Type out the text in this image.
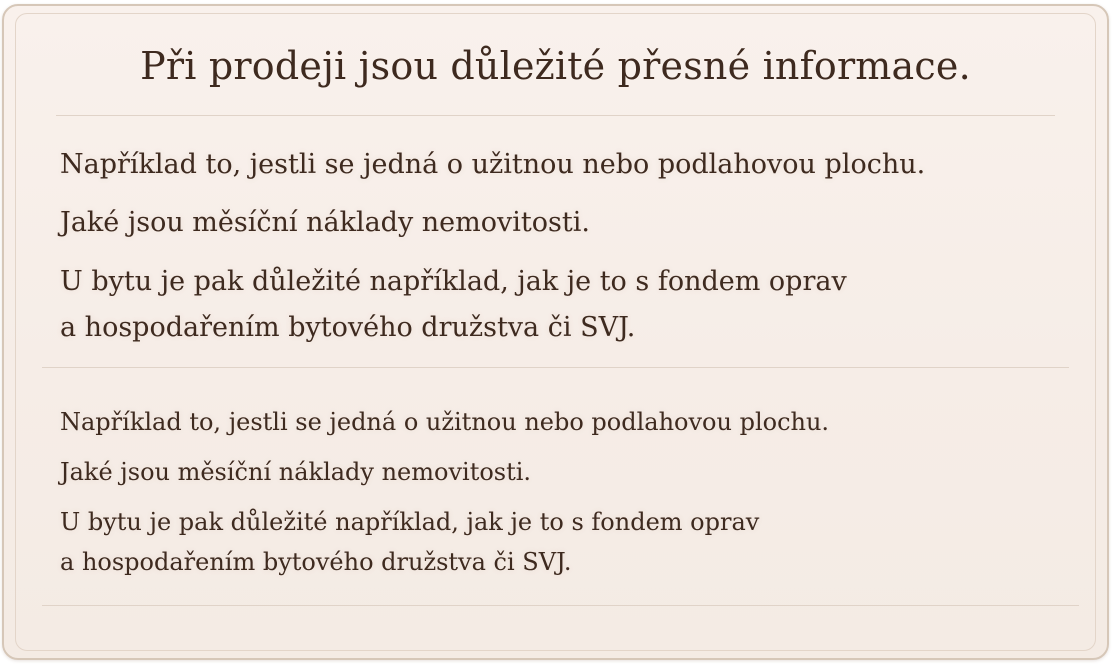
Při prodeji jsou důležité přesné informace.

Například to, jestli se jedná o užitnou nebo podlahovou plochu.

Jaké jsou měsíční náklady nemovitosti.

U bytu je pak důležité například, jak je to s fondem oprav

a hospodařením bytového družstva či SVJ.

Například to, jestli se jedná o užitnou nebo podlahovou plochu.

Jaké jsou měsíční náklady nemovitosti.

U bytu je pak důležité například, jak je to s fondem oprav

a hospodařením bytového družstva či SVJ.
